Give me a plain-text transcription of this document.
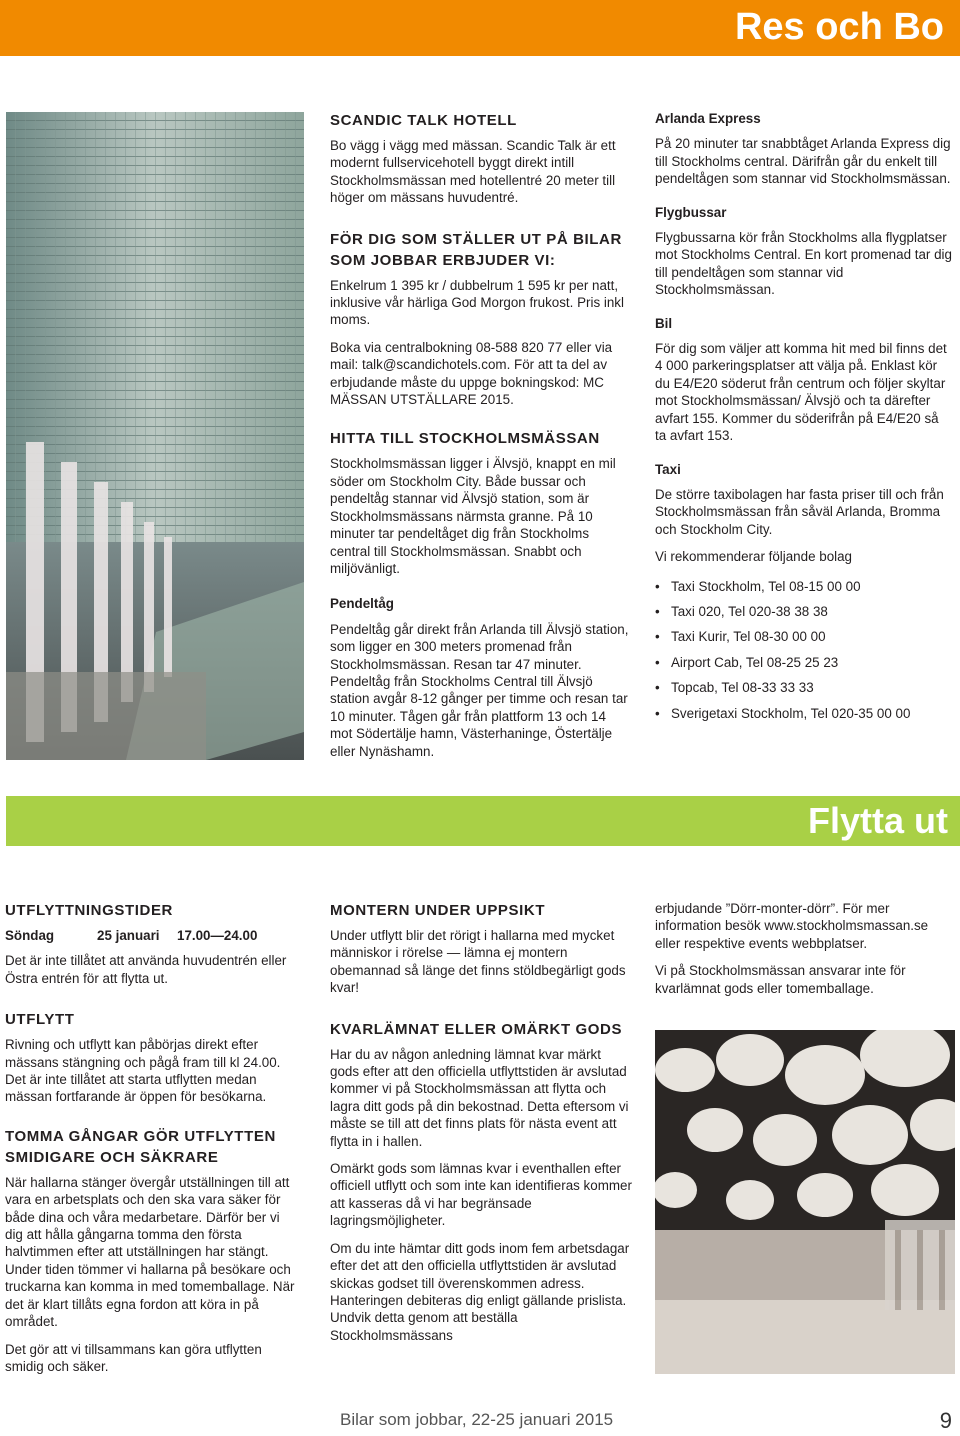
Res och Bo
SCANDIC TALK HOTELL

Bo vägg i vägg med mässan. Scandic Talk är ett modernt fullservicehotell byggt direkt intill Stockholmsmässan med hotellentré 20 meter till höger om mässans huvudentré.

FÖR DIG SOM STÄLLER UT PÅ BILAR SOM JOBBAR ERBJUDER VI:

Enkelrum 1 395 kr / dubbelrum 1 595 kr per natt, inklusive vår härliga God Morgon frukost. Pris inkl moms.

Boka via centralbokning 08-588 820 77 eller via mail: talk@scandichotels.com. För att ta del av erbjudande måste du uppge bokningskod: MC MÄSSAN UTSTÄLLARE 2015.

HITTA TILL STOCKHOLMSMÄSSAN

Stockholmsmässan ligger i Älvsjö, knappt en mil söder om Stockholm City. Både bussar och pendeltåg stannar vid Älvsjö station, som är Stockholmsmässans närmsta granne. På 10 minuter tar pendeltåget dig från Stockholms central till Stockholmsmässan. Snabbt och miljövänligt.

Pendeltåg

Pendeltåg går direkt från Arlanda till Älvsjö station, som ligger en 300 meters promenad från Stockholmsmässan. Resan tar 47 minuter. Pendeltåg från Stockholms Central till Älvsjö station avgår 8-12 gånger per timme och resan tar 10 minuter. Tågen går från plattform 13 och 14 mot Södertälje hamn, Västerhaninge, Östertälje eller Nynäshamn.

Arlanda Express

På 20 minuter tar snabbtåget Arlanda Express dig till Stockholms central. Därifrån går du enkelt till pendeltågen som stannar vid Stockholmsmässan.

Flygbussar

Flygbussarna kör från Stockholms alla flygplatser mot Stockholms Central. En kort promenad tar dig till pendeltågen som stannar vid Stockholmsmässan.

Bil

För dig som väljer att komma hit med bil finns det 4 000 parkeringsplatser att välja på. Enklast kör du E4/E20 söderut från centrum och följer skyltar mot Stockholmsmässan/ Älvsjö och ta därefter avfart 155. Kommer du söderifrån på E4/E20 så ta avfart 153.

Taxi

De större taxibolagen har fasta priser till och från Stockholmsmässan från såväl Arlanda, Bromma och Stockholm City.

Vi rekommenderar följande bolag

• Taxi Stockholm, Tel 08-15 00 00
• Taxi 020, Tel 020-38 38 38
• Taxi Kurir, Tel 08-30 00 00
• Airport Cab, Tel 08-25 25 23
• Topcab, Tel 08-33 33 33
• Sverigetaxi Stockholm, Tel 020-35 00 00
Flytta ut
UTFLYTTNINGSTIDER
Söndag	25 januari	17.00—24.00

Det är inte tillåtet att använda huvudentrén eller Östra entrén för att flytta ut.

UTFLYTT

Rivning och utflytt kan påbörjas direkt efter mässans stängning och pågå fram till kl 24.00. Det är inte tillåtet att starta utflytten medan mässan fortfarande är öppen för besökarna.

TOMMA GÅNGAR GÖR UTFLYTTEN SMIDIGARE OCH SÄKRARE

När hallarna stänger övergår utställningen till att vara en arbetsplats och den ska vara säker för både dina och våra medarbetare. Därför ber vi dig att hålla gångarna tomma den första halvtimmen efter att utställningen har stängt. Under tiden tömmer vi hallarna på besökare och truckarna kan komma in med tomemballage. När det är klart tillåts egna fordon att köra in på området.

Det gör att vi tillsammans kan göra utflytten smidig och säker.

MONTERN UNDER UPPSIKT

Under utflytt blir det rörigt i hallarna med mycket människor i rörelse — lämna ej montern obemannad så länge det finns stöldbegärligt gods kvar!

KVARLÄMNAT ELLER OMÄRKT GODS

Har du av någon anledning lämnat kvar märkt gods efter att den officiella utflyttstiden är avslutad kommer vi på Stockholmsmässan att flytta och lagra ditt gods på din bekostnad. Detta eftersom vi måste se till att det finns plats för nästa event att flytta in i hallen.

Omärkt gods som lämnas kvar i eventhallen efter officiell utflytt och som inte kan identifieras kommer att kasseras då vi har begränsade lagringsmöjligheter.

Om du inte hämtar ditt gods inom fem arbetsdagar efter det att den officiella utflyttstiden är avslutad skickas godset till överenskommen adress. Hanteringen debiteras dig enligt gällande prislista. Undvik detta genom att beställa Stockholmsmässans

erbjudande ”Dörr-monter-dörr”. För mer information besök www.stockholmsmassan.se eller respektive events webbplatser.

Vi på Stockholmsmässan ansvarar inte för kvarlämnat gods eller tomemballage.

Bilar som jobbar, 22-25 januari 2015	9
